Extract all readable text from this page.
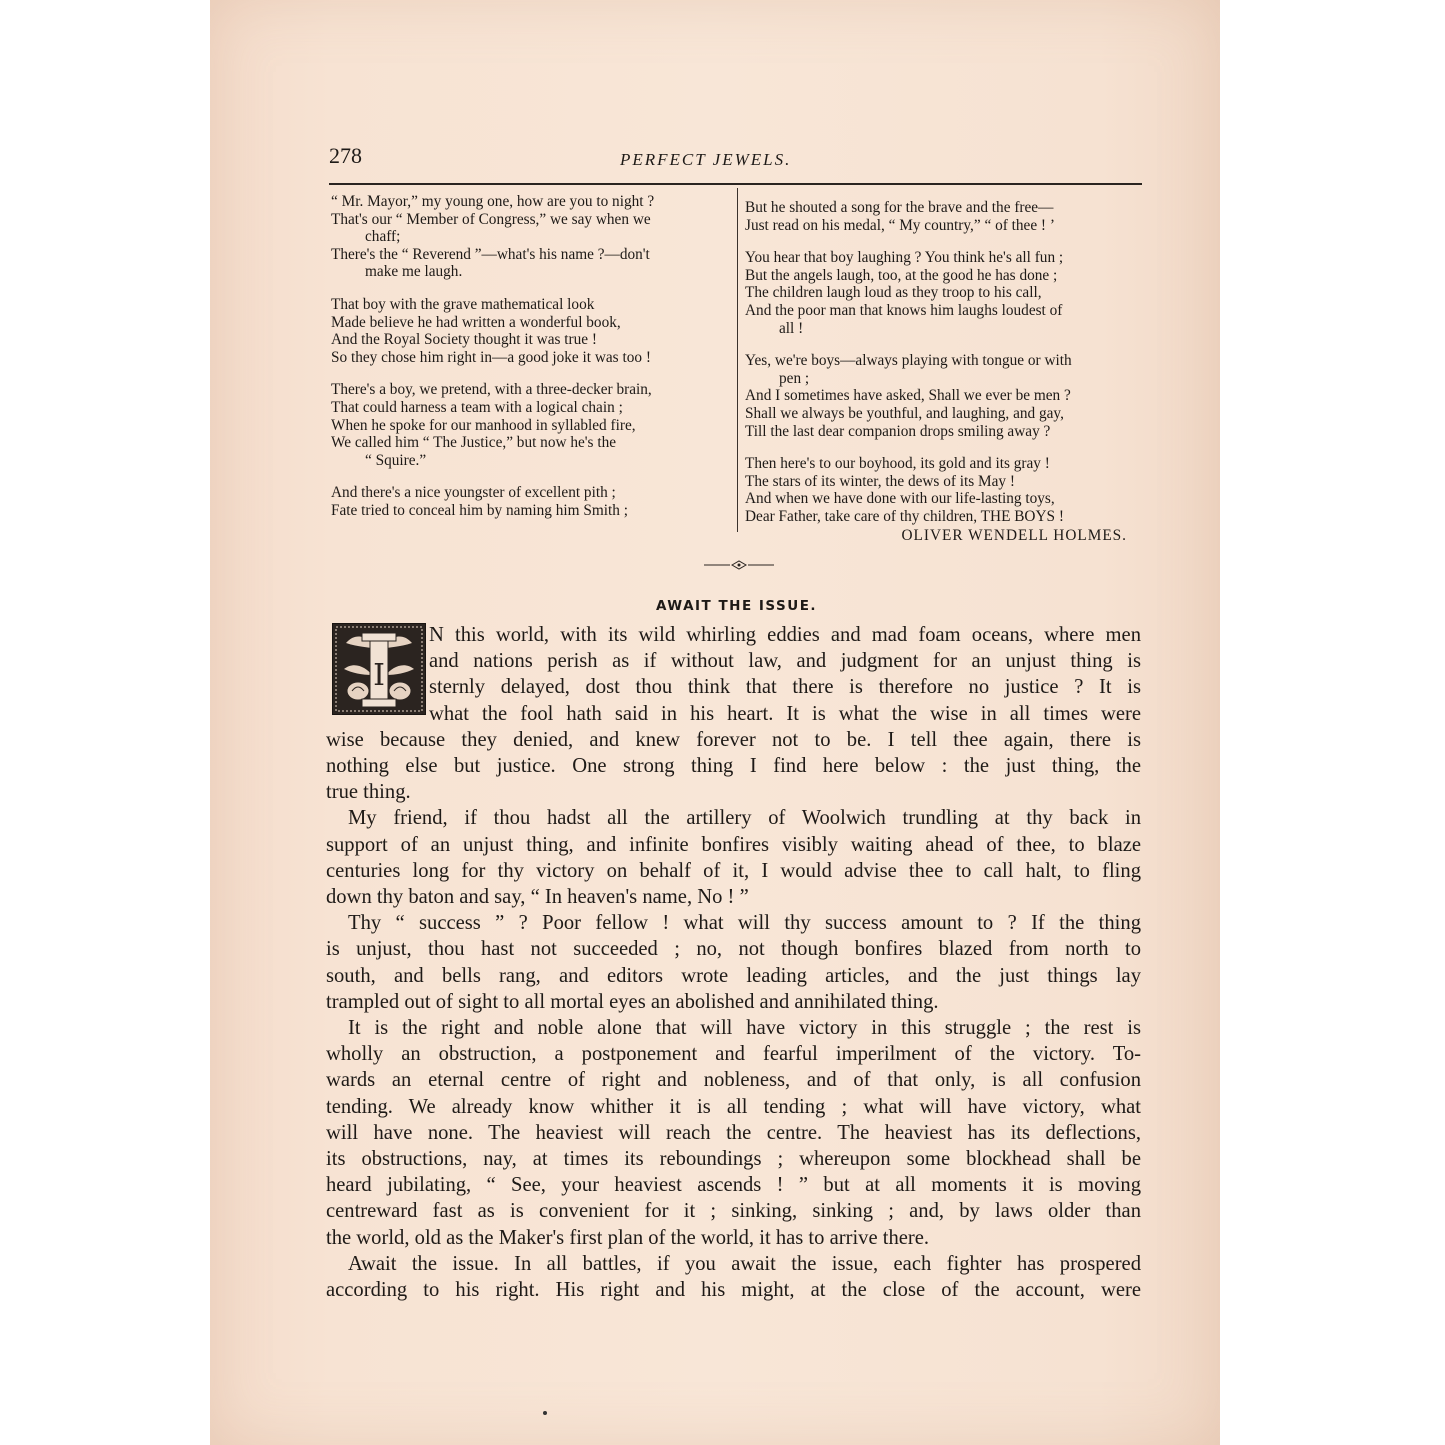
278	PERFECT JEWELS.
“ Mr. Mayor,” my young one, how are you to night ?
That's our “ Member of Congress,” we say when we
chaff;
There's the “ Reverend ”—what's his name ?—don't
make me laugh.
That boy with the grave mathematical look
Made believe he had written a wonderful book,
And the Royal Society thought it was true !
So they chose him right in—a good joke it was too !
There's a boy, we pretend, with a three-decker brain,
That could harness a team with a logical chain ;
When he spoke for our manhood in syllabled fire,
We called him “ The Justice,” but now he's the
“ Squire.”
And there's a nice youngster of excellent pith ;
Fate tried to conceal him by naming him Smith ;
But he shouted a song for the brave and the free—
Just read on his medal, “ My country,” “ of thee ! ’
You hear that boy laughing ? You think he's all fun ;
But the angels laugh, too, at the good he has done ;
The children laugh loud as they troop to his call,
And the poor man that knows him laughs loudest of
all !
Yes, we're boys—always playing with tongue or with
pen ;
And I sometimes have asked, Shall we ever be men ?
Shall we always be youthful, and laughing, and gay,
Till the last dear companion drops smiling away ?
Then here's to our boyhood, its gold and its gray !
The stars of its winter, the dews of its May !
And when we have done with our life-lasting toys,
Dear Father, take care of thy children, THE BOYS !
OLIVER WENDELL HOLMES.
AWAIT THE ISSUE.
I
N this world, with its wild whirling eddies and mad foam oceans, where men
and nations perish as if without law, and judgment for an unjust thing is
sternly delayed, dost thou think that there is therefore no justice ? It is
what the fool hath said in his heart. It is what the wise in all times were
wise because they denied, and knew forever not to be. I tell thee again, there is
nothing else but justice. One strong thing I find here below : the just thing, the
true thing.
My friend, if thou hadst all the artillery of Woolwich trundling at thy back in
support of an unjust thing, and infinite bonfires visibly waiting ahead of thee, to blaze
centuries long for thy victory on behalf of it, I would advise thee to call halt, to fling
down thy baton and say, “ In heaven's name, No ! ”
Thy “ success ” ? Poor fellow ! what will thy success amount to ? If the thing
is unjust, thou hast not succeeded ; no, not though bonfires blazed from north to
south, and bells rang, and editors wrote leading articles, and the just things lay
trampled out of sight to all mortal eyes an abolished and annihilated thing.
It is the right and noble alone that will have victory in this struggle ; the rest is
wholly an obstruction, a postponement and fearful imperilment of the victory. To-
wards an eternal centre of right and nobleness, and of that only, is all confusion
tending. We already know whither it is all tending ; what will have victory, what
will have none. The heaviest will reach the centre. The heaviest has its deflections,
its obstructions, nay, at times its reboundings ; whereupon some blockhead shall be
heard jubilating, “ See, your heaviest ascends ! ” but at all moments it is moving
centreward fast as is convenient for it ; sinking, sinking ; and, by laws older than
the world, old as the Maker's first plan of the world, it has to arrive there.
Await the issue. In all battles, if you await the issue, each fighter has prospered
according to his right. His right and his might, at the close of the account, were
